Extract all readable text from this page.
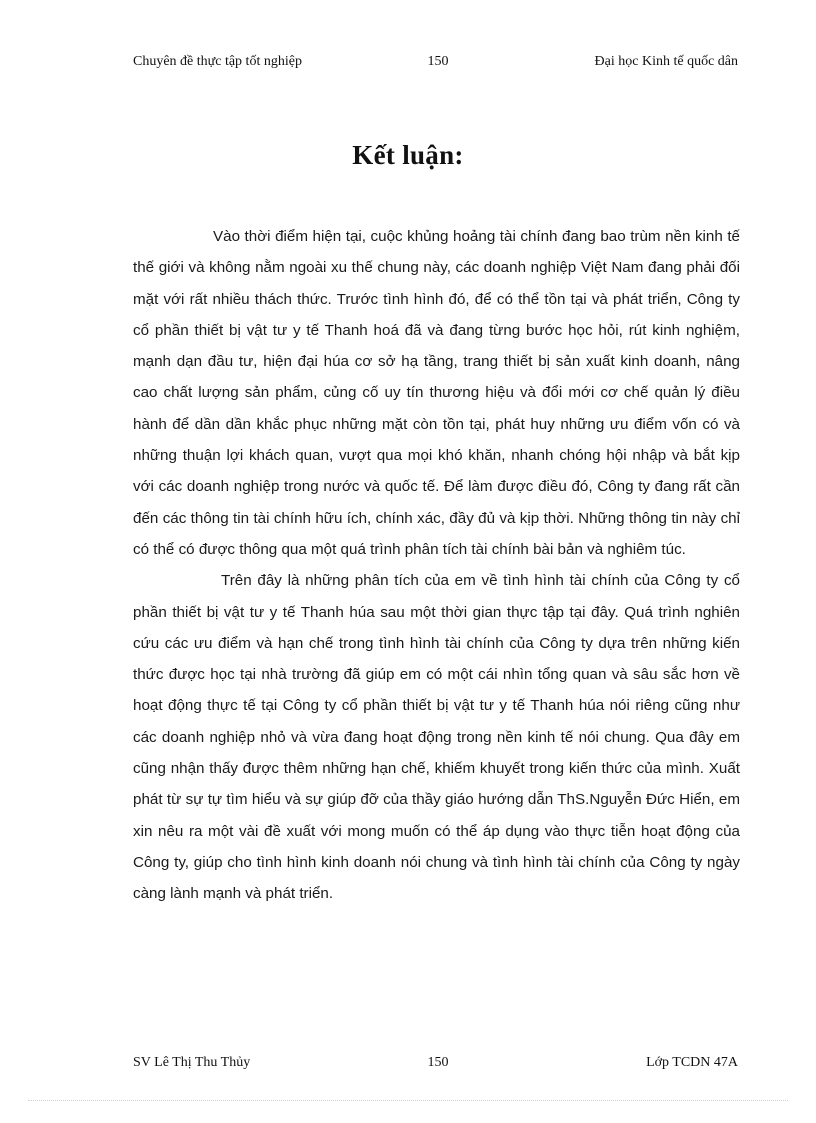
Chuyên đề thực tập tốt nghiệp	150	Đại học Kinh tế quốc dân
Kết luận:

Vào thời điểm hiện tại, cuộc khủng hoảng tài chính đang bao trùm nền kinh tế thế giới và không nằm ngoài xu thế chung này, các doanh nghiệp Việt Nam đang phải đối mặt với rất nhiều thách thức. Trước tình hình đó, để có thể tồn tại và phát triển, Công ty cổ phần thiết bị vật tư y tế Thanh hoá đã và đang từng bước học hỏi, rút kinh nghiệm, mạnh dạn đầu tư, hiện đại húa cơ sở hạ tầng, trang thiết bị sản xuất kinh doanh, nâng cao chất lượng sản phẩm, củng cố uy tín thương hiệu và đổi mới cơ chế quản lý điều hành để dần dần khắc phục những mặt còn tồn tại, phát huy những ưu điểm vốn có và những thuận lợi khách quan, vượt qua mọi khó khăn, nhanh chóng hội nhập và bắt kịp với các doanh nghiệp trong nước và quốc tế. Để làm được điều đó, Công ty đang rất cần đến các thông tin tài chính hữu ích, chính xác, đầy đủ và kịp thời. Những thông tin này chỉ có thể có được thông qua một quá trình phân tích tài chính bài bản và nghiêm túc.

Trên đây là những phân tích của em về tình hình tài chính của Công ty cổ phần thiết bị vật tư y tế Thanh húa sau một thời gian thực tập tại đây. Quá trình nghiên cứu các ưu điểm và hạn chế trong tình hình tài chính của Công ty dựa trên những kiến thức được học tại nhà trường đã giúp em có một cái nhìn tổng quan và sâu sắc hơn về hoạt động thực tế tại Công ty cổ phần thiết bị vật tư y tế Thanh húa nói riêng cũng như các doanh nghiệp nhỏ và vừa đang hoạt động trong nền kinh tế nói chung. Qua đây em cũng nhận thấy được thêm những hạn chế, khiếm khuyết trong kiến thức của mình. Xuất phát từ sự tự tìm hiểu và sự giúp đỡ của thầy giáo hướng dẫn ThS.Nguyễn Đức Hiển, em xin nêu ra một vài đề xuất với mong muốn có thể áp dụng vào thực tiễn hoạt động của Công ty, giúp cho tình hình kinh doanh nói chung và tình hình tài chính của Công ty ngày càng lành mạnh và phát triển.

SV Lê Thị Thu Thủy	150	Lớp TCDN 47A
